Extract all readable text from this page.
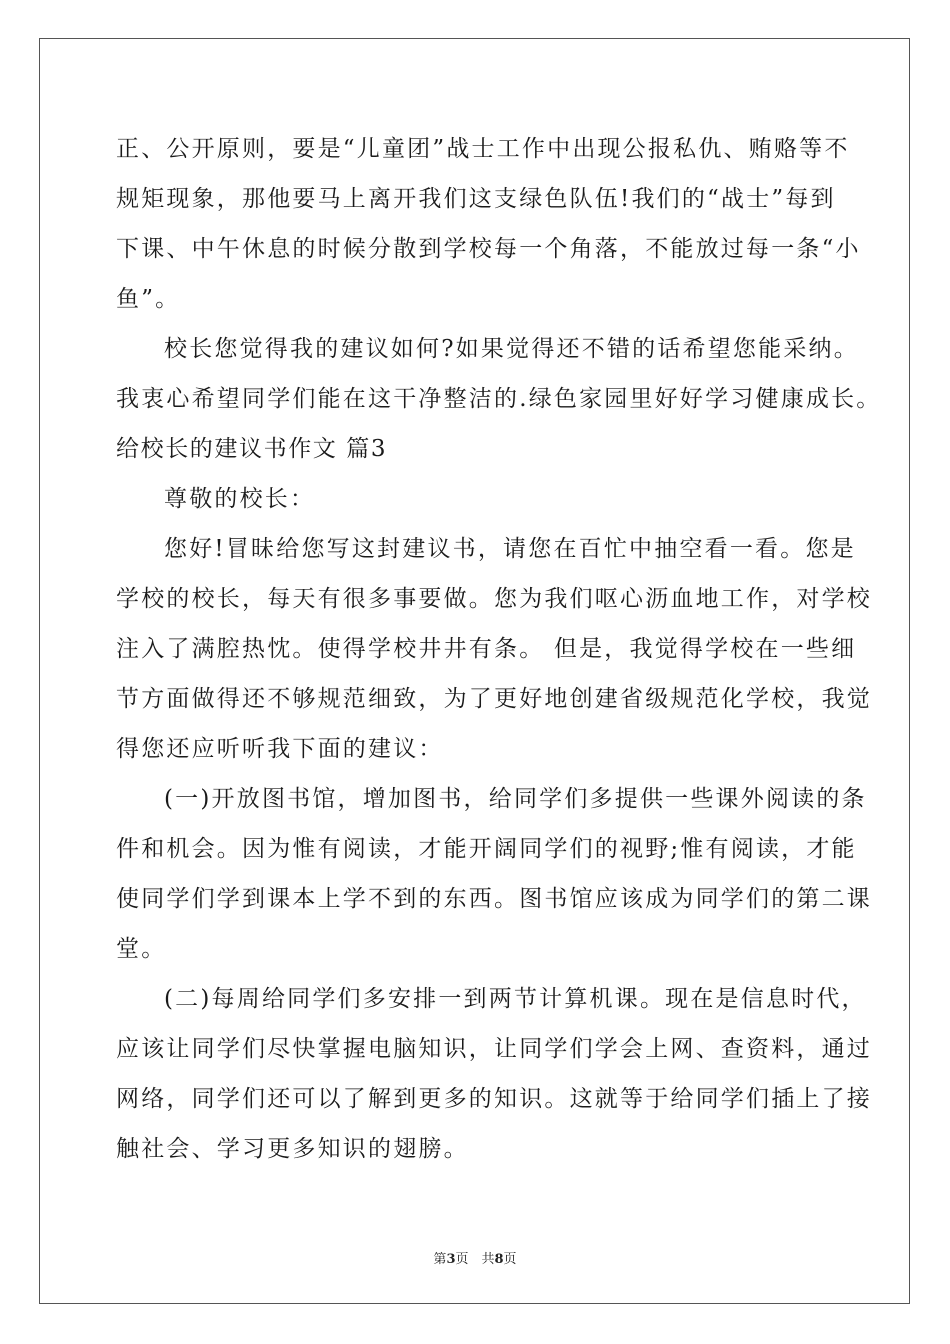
正、公开原则，要是“儿童团”战士工作中出现公报私仇、贿赂等不
规矩现象，那他要马上离开我们这支绿色队伍!我们的“战士”每到
下课、中午休息的时候分散到学校每一个角落，不能放过每一条“小
鱼”。
校长您觉得我的建议如何?如果觉得还不错的话希望您能采纳。
我衷心希望同学们能在这干净整洁的.绿色家园里好好学习健康成长。
给校长的建议书作文 篇3
尊敬的校长：
您好!冒昧给您写这封建议书，请您在百忙中抽空看一看。您是
学校的校长，每天有很多事要做。您为我们呕心沥血地工作，对学校
注入了满腔热忱。使得学校井井有条。 但是，我觉得学校在一些细
节方面做得还不够规范细致，为了更好地创建省级规范化学校，我觉
得您还应听听我下面的建议：
(一)开放图书馆，增加图书，给同学们多提供一些课外阅读的条
件和机会。因为惟有阅读，才能开阔同学们的视野;惟有阅读，才能
使同学们学到课本上学不到的东西。图书馆应该成为同学们的第二课
堂。
(二)每周给同学们多安排一到两节计算机课。现在是信息时代，
应该让同学们尽快掌握电脑知识，让同学们学会上网、查资料，通过
网络，同学们还可以了解到更多的知识。这就等于给同学们插上了接
触社会、学习更多知识的翅膀。
第3页　共8页
